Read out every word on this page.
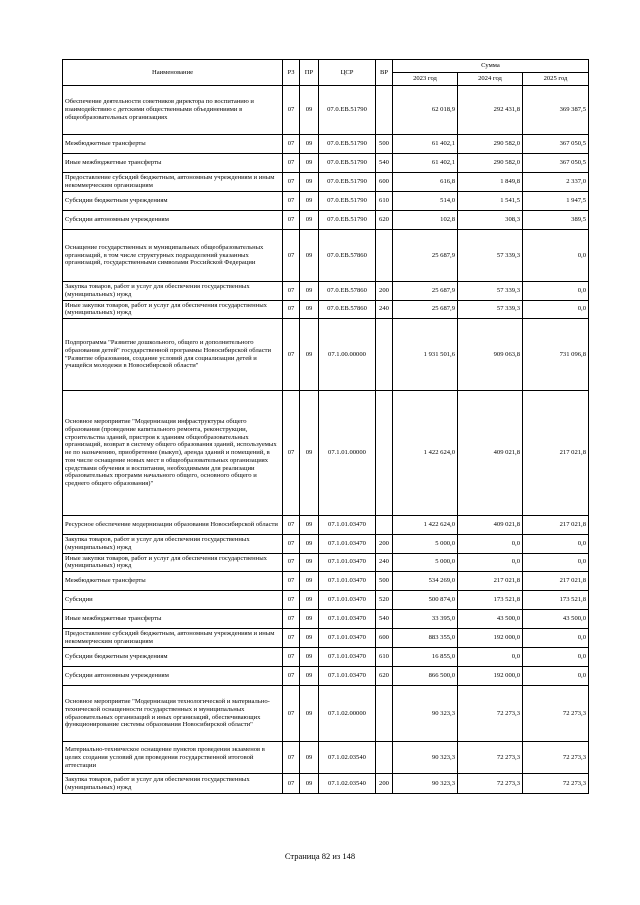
Наименование	РЗ	ПР	ЦСР	ВР	Сумма		
					2023 год	2024 год	2025 год
Обеспечение деятельности советников директора по воспитанию и взаимодействию с детскими общественными объединениями в общеобразовательных организациях	07	09	07.0.ЕВ.51790		62 018,9	292 431,8	369 387,5
Межбюджетные трансферты	07	09	07.0.ЕВ.51790	500	61 402,1	290 582,0	367 050,5
Иные межбюджетные трансферты	07	09	07.0.ЕВ.51790	540	61 402,1	290 582,0	367 050,5
Предоставление субсидий бюджетным, автономным учреждениям и иным некоммерческим организациям	07	09	07.0.ЕВ.51790	600	616,8	1 849,8	2 337,0
Субсидии бюджетным учреждениям	07	09	07.0.ЕВ.51790	610	514,0	1 541,5	1 947,5
Субсидии автономным учреждениям	07	09	07.0.ЕВ.51790	620	102,8	308,3	389,5
Оснащение государственных и муниципальных общеобразовательных организаций, в том числе структурных подразделений указанных организаций, государственными символами Российской Федерации	07	09	07.0.ЕВ.57860		25 687,9	57 339,3	0,0
Закупка товаров, работ и услуг для обеспечения государственных (муниципальных) нужд	07	09	07.0.ЕВ.57860	200	25 687,9	57 339,3	0,0
Иные закупки товаров, работ и услуг для обеспечения государственных (муниципальных) нужд	07	09	07.0.ЕВ.57860	240	25 687,9	57 339,3	0,0
Подпрограмма "Развитие дошкольного, общего и дополнительного образования детей" государственной программы Новосибирской области "Развитие образования, создание условий для социализации детей и учащейся молодежи в Новосибирской области"	07	09	07.1.00.00000		1 931 501,6	909 063,8	731 096,8
Основное мероприятие "Модернизация инфраструктуры общего образования (проведение капитального ремонта, реконструкции, строительства зданий, пристроя к зданиям общеобразовательных организаций, возврат в систему общего образования зданий, используемых не по назначению, приобретение (выкуп), аренда зданий и помещений, в том числе оснащение новых мест в общеобразовательных организациях средствами обучения и воспитания, необходимыми для реализации образовательных программ начального общего, основного общего и среднего общего образования)"	07	09	07.1.01.00000		1 422 624,0	409 021,8	217 021,8
Ресурсное обеспечение модернизации образования Новосибирской области	07	09	07.1.01.03470		1 422 624,0	409 021,8	217 021,8
Закупка товаров, работ и услуг для обеспечения государственных (муниципальных) нужд	07	09	07.1.01.03470	200	5 000,0	0,0	0,0
Иные закупки товаров, работ и услуг для обеспечения государственных (муниципальных) нужд	07	09	07.1.01.03470	240	5 000,0	0,0	0,0
Межбюджетные трансферты	07	09	07.1.01.03470	500	534 269,0	217 021,8	217 021,8
Субсидии	07	09	07.1.01.03470	520	500 874,0	173 521,8	173 521,8
Иные межбюджетные трансферты	07	09	07.1.01.03470	540	33 395,0	43 500,0	43 500,0
Предоставление субсидий бюджетным, автономным учреждениям и иным некоммерческим организациям	07	09	07.1.01.03470	600	883 355,0	192 000,0	0,0
Субсидии бюджетным учреждениям	07	09	07.1.01.03470	610	16 855,0	0,0	0,0
Субсидии автономным учреждениям	07	09	07.1.01.03470	620	866 500,0	192 000,0	0,0
Основное мероприятие "Модернизация технологической и материально-технической оснащенности государственных и муниципальных образовательных организаций и иных организаций, обеспечивающих функционирование системы образования Новосибирской области"	07	09	07.1.02.00000		90 323,3	72 273,3	72 273,3
Материально-техническое оснащение пунктов проведения экзаменов в целях создания условий для проведения государственной итоговой аттестации	07	09	07.1.02.03540		90 323,3	72 273,3	72 273,3
Закупка товаров, работ и услуг для обеспечения государственных (муниципальных) нужд	07	09	07.1.02.03540	200	90 323,3	72 273,3	72 273,3
Страница 82 из 148
